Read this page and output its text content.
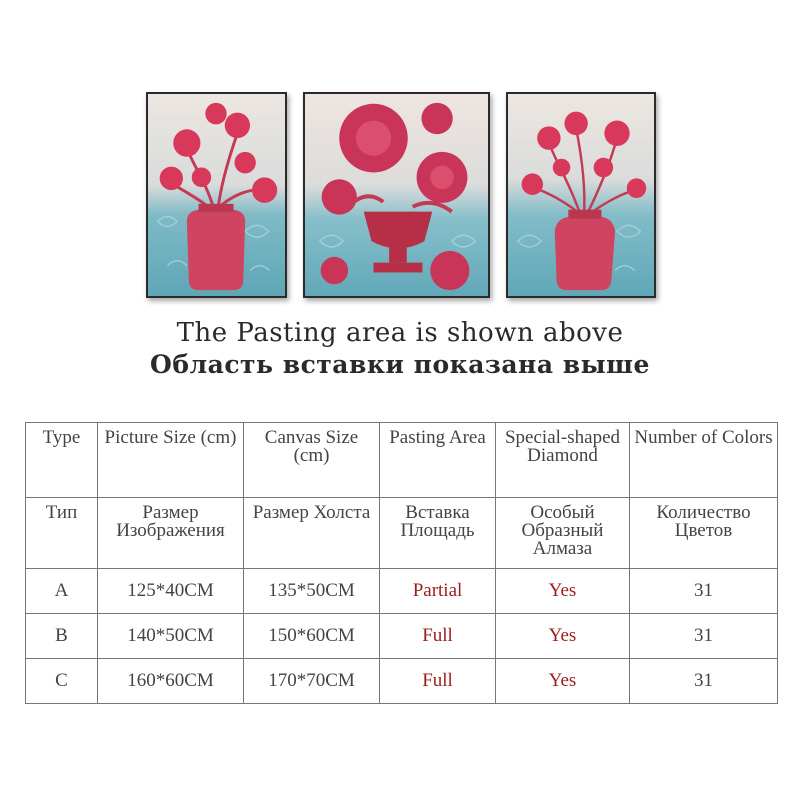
The Pasting area is shown above
Область вставки показана выше
Type	Picture Size (cm)	Canvas Size (cm)	Pasting Area	Special-shaped Diamond	Number of Colors
Тип	Размер Изображения	Размер Холста	Вставка Площадь	Особый Образный Алмаза	Количество Цветов
A	125*40CM	135*50CM	Partial	Yes	31
B	140*50CM	150*60CM	Full	Yes	31
C	160*60CM	170*70CM	Full	Yes	31
